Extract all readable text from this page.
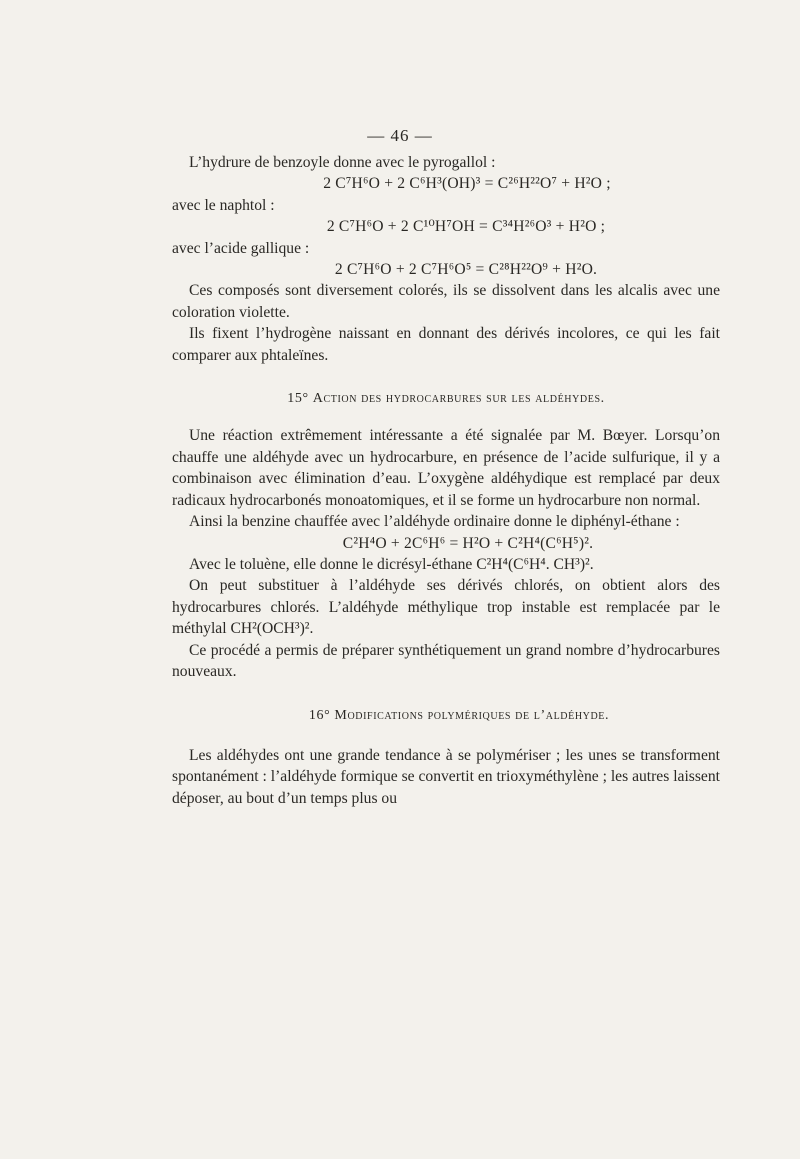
— 46 —

L’hydrure de benzoyle donne avec le pyrogallol :

2 C⁷H⁶O + 2 C⁶H³(OH)³ = C²⁶H²²O⁷ + H²O ;

avec le naphtol :

2 C⁷H⁶O + 2 C¹⁰H⁷OH = C³⁴H²⁶O³ + H²O ;

avec l’acide gallique :

2 C⁷H⁶O + 2 C⁷H⁶O⁵ = C²⁸H²²O⁹ + H²O.

Ces composés sont diversement colorés, ils se dissolvent dans les alcalis avec une coloration violette.

Ils fixent l’hydrogène naissant en donnant des dérivés incolores, ce qui les fait comparer aux phtaleïnes.

15° Action des hydrocarbures sur les aldéhydes.

Une réaction extrêmement intéressante a été signalée par M. Bœyer. Lorsqu’on chauffe une aldéhyde avec un hydrocarbure, en présence de l’acide sulfurique, il y a combinaison avec élimination d’eau. L’oxygène aldéhydique est remplacé par deux radicaux hydrocarbonés monoatomiques, et il se forme un hydrocarbure non normal.

Ainsi la benzine chauffée avec l’aldéhyde ordinaire donne le diphényl-éthane :

C²H⁴O + 2C⁶H⁶ = H²O + C²H⁴(C⁶H⁵)².

Avec le toluène, elle donne le dicrésyl-éthane C²H⁴(C⁶H⁴. CH³)².

On peut substituer à l’aldéhyde ses dérivés chlorés, on obtient alors des hydrocarbures chlorés. L’aldéhyde méthylique trop instable est remplacée par le méthylal CH²(OCH³)².

Ce procédé a permis de préparer synthétiquement un grand nombre d’hydrocarbures nouveaux.

16° Modifications polymériques de l’aldéhyde.

Les aldéhydes ont une grande tendance à se polymériser ; les unes se transforment spontanément : l’aldéhyde formique se convertit en trioxyméthylène ; les autres laissent déposer, au bout d’un temps plus ou
